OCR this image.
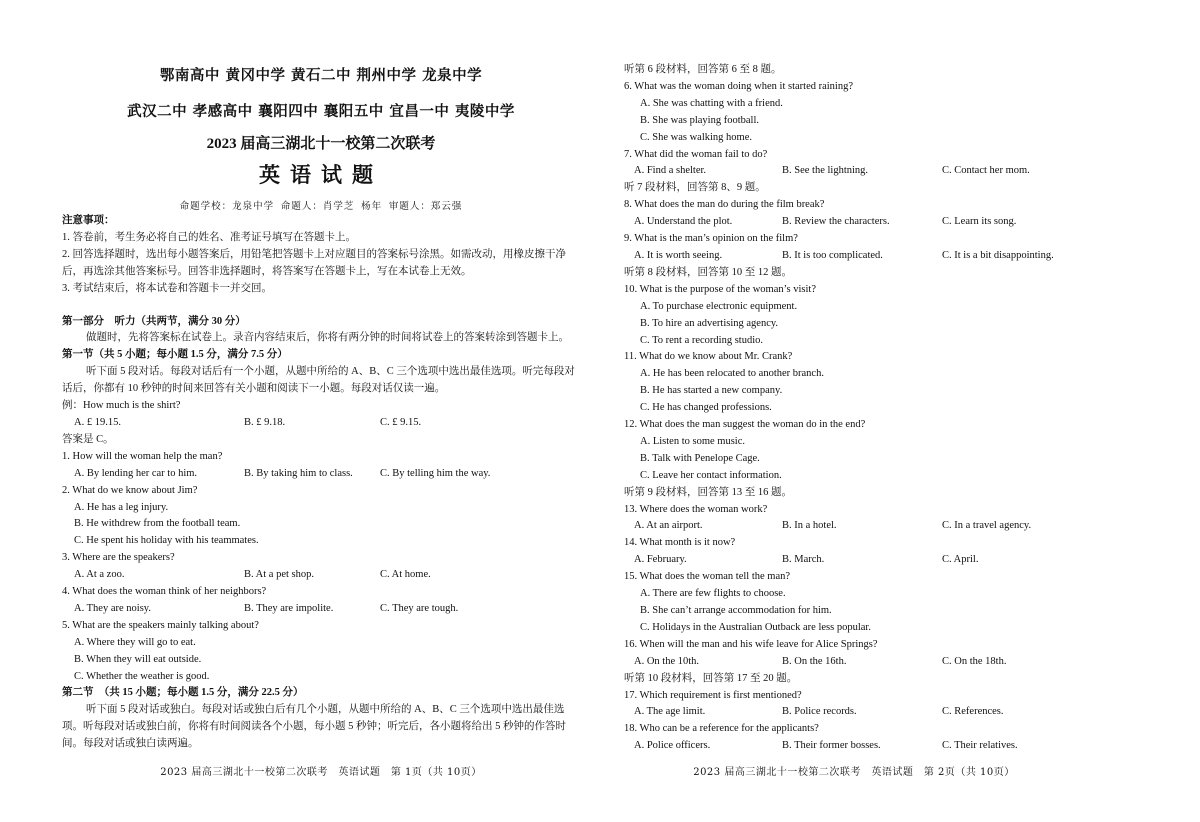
鄂南高中 黄冈中学 黄石二中 荆州中学 龙泉中学
武汉二中 孝感高中 襄阳四中 襄阳五中 宜昌一中 夷陵中学
2023 届高三湖北十一校第二次联考
英语试题
命题学校：龙泉中学 命题人：肖学芝 杨年 审题人：郑云强

注意事项：

1. 答卷前，考生务必将自己的姓名、准考证号填写在答题卡上。

2. 回答选择题时，选出每小题答案后，用铅笔把答题卡上对应题目的答案标号涂黑。如需改动，用橡皮擦干净后，再选涂其他答案标号。回答非选择题时，将答案写在答题卡上，写在本试卷上无效。

3. 考试结束后，将本试卷和答题卡一并交回。

第一部分　听力（共两节，满分 30 分）

做题时，先将答案标在试卷上。录音内容结束后，你将有两分钟的时间将试卷上的答案转涂到答题卡上。

第一节（共 5 小题；每小题 1.5 分，满分 7.5 分）

听下面 5 段对话。每段对话后有一个小题，从题中所给的 A、B、C 三个选项中选出最佳选项。听完每段对话后，你都有 10 秒钟的时间来回答有关小题和阅读下一小题。每段对话仅读一遍。

例：How much is the shirt?

A. £ 19.15.	B. £ 9.18.	C. £ 9.15.

答案是 C。

1. How will the woman help the man?

A. By lending her car to him.	B. By taking him to class.	C. By telling him the way.

2. What do we know about Jim?

A. He has a leg injury.

B. He withdrew from the football team.

C. He spent his holiday with his teammates.

3. Where are the speakers?

A. At a zoo.	B. At a pet shop.	C. At home.

4. What does the woman think of her neighbors?

A. They are noisy.	B. They are impolite.	C. They are tough.

5. What are the speakers mainly talking about?

A. Where they will go to eat.

B. When they will eat outside.

C. Whether the weather is good.

第二节　（共 15 小题；每小题 1.5 分，满分 22.5 分）

听下面 5 段对话或独白。每段对话或独白后有几个小题，从题中所给的 A、B、C 三个选项中选出最佳选项。听每段对话或独白前，你将有时间阅读各个小题，每小题 5 秒钟；听完后，各小题将给出 5 秒钟的作答时间。每段对话或独白读两遍。

2023 届高三湖北十一校第二次联考　英语试题　第 1页（共 10页）

听第 6 段材料，回答第 6 至 8 题。

6. What was the woman doing when it started raining?

A. She was chatting with a friend.

B. She was playing football.

C. She was walking home.

7. What did the woman fail to do?

A. Find a shelter.	B. See the lightning.	C. Contact her mom.

听 7 段材料，回答第 8、9 题。

8. What does the man do during the film break?

A. Understand the plot.	B. Review the characters.	C. Learn its song.

9. What is the man’s opinion on the film?

A. It is worth seeing.	B. It is too complicated.	C. It is a bit disappointing.

听第 8 段材料，回答第 10 至 12 题。

10. What is the purpose of the woman’s visit?

A. To purchase electronic equipment.

B. To hire an advertising agency.

C. To rent a recording studio.

11. What do we know about Mr. Crank?

A. He has been relocated to another branch.

B. He has started a new company.

C. He has changed professions.

12. What does the man suggest the woman do in the end?

A. Listen to some music.

B. Talk with Penelope Cage.

C. Leave her contact information.

听第 9 段材料，回答第 13 至 16 题。

13. Where does the woman work?

A. At an airport.	B. In a hotel.	C. In a travel agency.

14. What month is it now?

A. February.	B. March.	C. April.

15. What does the woman tell the man?

A. There are few flights to choose.

B. She can’t arrange accommodation for him.

C. Holidays in the Australian Outback are less popular.

16. When will the man and his wife leave for Alice Springs?

A. On the 10th.	B. On the 16th.	C. On the 18th.

听第 10 段材料，回答第 17 至 20 题。

17. Which requirement is first mentioned?

A. The age limit.	B. Police records.	C. References.

18. Who can be a reference for the applicants?

A. Police officers.	B. Their former bosses.	C. Their relatives.
2023 届高三湖北十一校第二次联考　英语试题　第 2页（共 10页）
